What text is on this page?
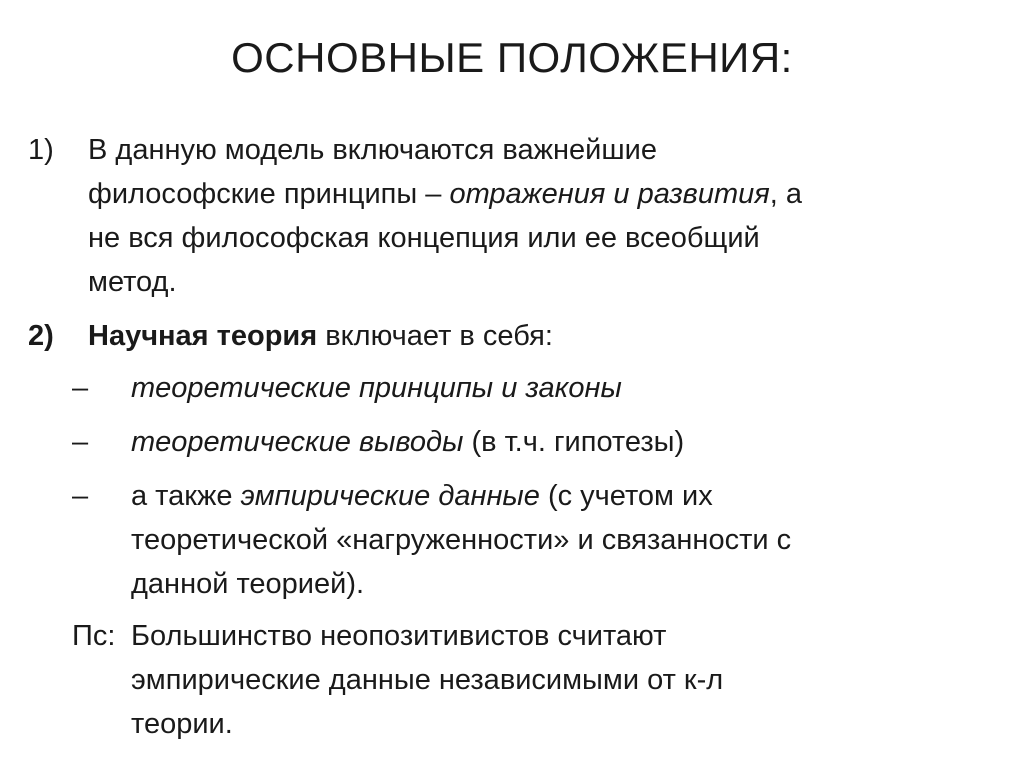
ОСНОВНЫЕ ПОЛОЖЕНИЯ:
1) В данную модель включаются важнейшие
философские принципы – отражения и развития, а
не вся философская концепция или ее всеобщий
метод.
2) Научная теория включает в себя:
– теоретические принципы и законы
– теоретические выводы (в т.ч. гипотезы)
– а также эмпирические данные (с учетом их
теоретической «нагруженности» и связанности с
данной теорией).
Пс: Большинство неопозитивистов считают
эмпирические данные независимыми от к-л
теории.
